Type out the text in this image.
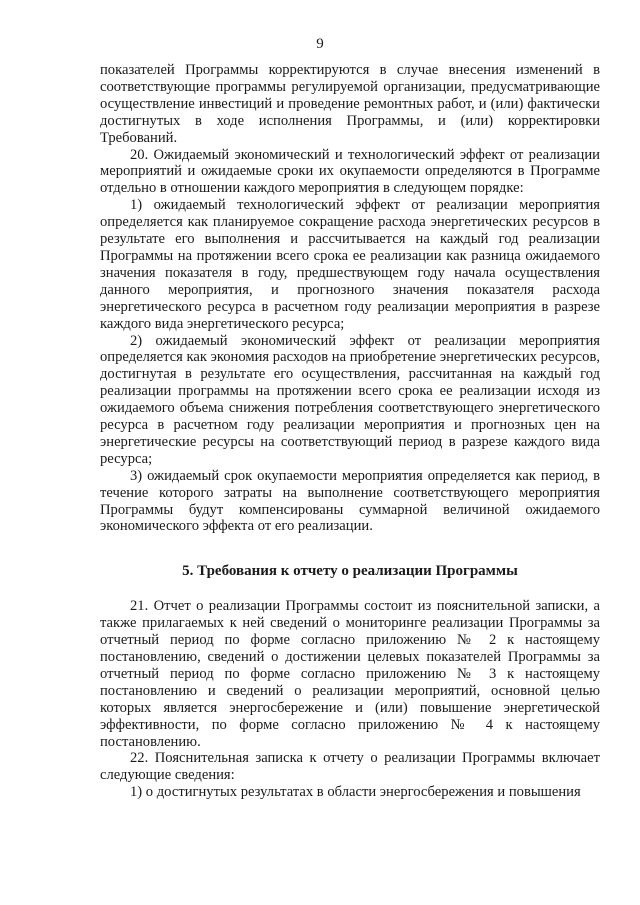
9

показателей Программы корректируются в случае внесения изменений в соответствующие программы регулируемой организации, предусматривающие осуществление инвестиций и проведение ремонтных работ, и (или) фактически достигнутых в ходе исполнения Программы, и (или) корректировки Требований.

20. Ожидаемый экономический и технологический эффект от реализации мероприятий и ожидаемые сроки их окупаемости определяются в Программе отдельно в отношении каждого мероприятия в следующем порядке:

1) ожидаемый технологический эффект от реализации мероприятия определяется как планируемое сокращение расхода энергетических ресурсов в результате его выполнения и рассчитывается на каждый год реализации Программы на протяжении всего срока ее реализации как разница ожидаемого значения показателя в году, предшествующем году начала осуществления данного мероприятия, и прогнозного значения показателя расхода энергетического ресурса в расчетном году реализации мероприятия в разрезе каждого вида энергетического ресурса;

2) ожидаемый экономический эффект от реализации мероприятия определяется как экономия расходов на приобретение энергетических ресурсов, достигнутая в результате его осуществления, рассчитанная на каждый год реализации программы на протяжении всего срока ее реализации исходя из ожидаемого объема снижения потребления соответствующего энергетического ресурса в расчетном году реализации мероприятия и прогнозных цен на энергетические ресурсы на соответствующий период в разрезе каждого вида ресурса;

3) ожидаемый срок окупаемости мероприятия определяется как период, в течение которого затраты на выполнение соответствующего мероприятия Программы будут компенсированы суммарной величиной ожидаемого экономического эффекта от его реализации.

5. Требования к отчету о реализации Программы

21. Отчет о реализации Программы состоит из пояснительной записки, а также прилагаемых к ней сведений о мониторинге реализации Программы за отчетный период по форме согласно приложению № 2 к настоящему постановлению, сведений о достижении целевых показателей Программы за отчетный период по форме согласно приложению № 3 к настоящему постановлению и сведений о реализации мероприятий, основной целью которых является энергосбережение и (или) повышение энергетической эффективности, по форме согласно приложению № 4 к настоящему постановлению.

22. Пояснительная записка к отчету о реализации Программы включает следующие сведения:

1) о достигнутых результатах в области энергосбережения и повышения
